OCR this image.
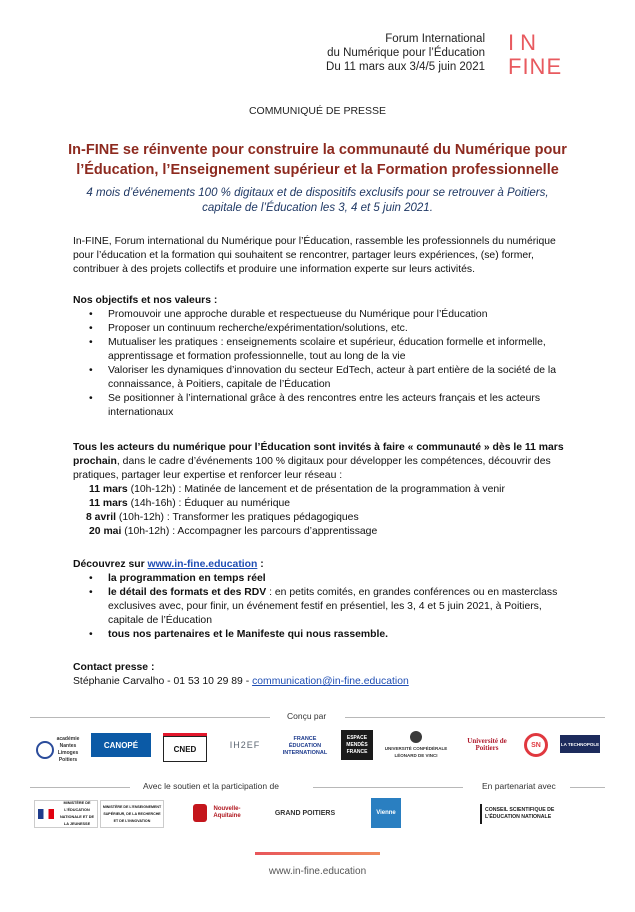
Forum International
du Numérique pour l’Éducation
Du 11 mars aux 3/4/5 juin 2021
IN
FINE
COMMUNIQUÉ DE PRESSE
In-FINE se réinvente pour construire la communauté du Numérique pour
l’Éducation, l’Enseignement supérieur et la Formation professionnelle
4 mois d’événements 100 % digitaux et de dispositifs exclusifs pour se retrouver à Poitiers,
capitale de l’Éducation les 3, 4 et 5 juin 2021.

In-FINE, Forum international du Numérique pour l’Éducation, rassemble les professionnels du numérique pour l’éducation et la formation qui souhaitent se rencontrer, partager leurs expériences, (se) former, contribuer à des projets collectifs et produire une information experte sur leurs activités.

Nos objectifs et nos valeurs :

• Promouvoir une approche durable et respectueuse du Numérique pour l’Éducation
• Proposer un continuum recherche/expérimentation/solutions, etc.
• Mutualiser les pratiques : enseignements scolaire et supérieur, éducation formelle et informelle, apprentissage et formation professionnelle, tout au long de la vie
• Valoriser les dynamiques d’innovation du secteur EdTech, acteur à part entière de la société de la connaissance, à Poitiers, capitale de l’Éducation
• Se positionner à l’international grâce à des rencontres entre les acteurs français et les acteurs internationaux

Tous les acteurs du numérique pour l’Éducation sont invités à faire « communauté » dès le 11 mars prochain, dans le cadre d’événements 100 % digitaux pour développer les compétences, découvrir des pratiques, partager leur expertise et renforcer leur réseau :

11 mars (10h-12h) : Matinée de lancement et de présentation de la programmation à venir
11 mars (14h-16h) : Éduquer au numérique
8 avril (10h-12h) : Transformer les pratiques pédagogiques
20 mai (10h-12h) : Accompagner les parcours d’apprentissage

Découvrez sur www.in-fine.education :

• la programmation en temps réel
• le détail des formats et des RDV : en petits comités, en grandes conférences ou en masterclass exclusives avec, pour finir, un événement festif en présentiel, les 3, 4 et 5 juin 2021, à Poitiers, capitale de l’Éducation
• tous nos partenaires et le Manifeste qui nous rassemble.

Contact presse :

Stéphanie Carvalho - 01 53 10 29 89 - communication@in-fine.education

Conçu par
académie Nantes Limoges Poitiers
CANOPÉ	CNED	IH2EF
FRANCE ÉDUCATION INTERNATIONAL
ESPACE MENDÈS FRANCE	UNIVERSITÉ CONFÉDÉRALE LÉONARD DE VINCI
Université de Poitiers	SN	LA TECHNOPOLE
Avec le soutien et la participation de	En partenariat avec
MINISTÈRE DE L'ÉDUCATION NATIONALE ET DE LA JEUNESSE
MINISTÈRE DE L'ENSEIGNEMENT SUPÉRIEUR, DE LA RECHERCHE ET DE L'INNOVATION
Nouvelle-Aquitaine	GRAND POITIERS	Vienne	CONSEIL SCIENTIFIQUE DE L'ÉDUCATION NATIONALE
www.in-fine.education
